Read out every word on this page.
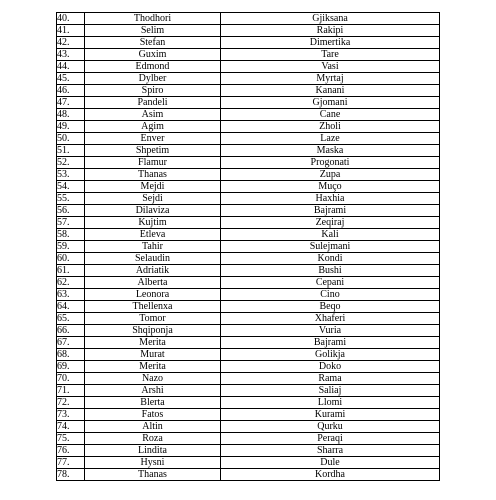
40.	Thodhori	Gjiksana
41.	Selim	Rakipi
42.	Stefan	Dimertika
43.	Guxim	Tare
44.	Edmond	Vasi
45.	Dylber	Myrtaj
46.	Spiro	Kanani
47.	Pandeli	Gjomani
48.	Asim	Cane
49.	Agim	Zholi
50.	Enver	Laze
51.	Shpetim	Maska
52.	Flamur	Progonati
53.	Thanas	Zupa
54.	Mejdi	Muço
55.	Sejdi	Haxhia
56.	Dilaviza	Bajrami
57.	Kujtim	Zeqiraj
58.	Etleva	Kali
59.	Tahir	Sulejmani
60.	Selaudin	Kondi
61.	Adriatik	Bushi
62.	Alberta	Cepani
63.	Leonora	Cino
64.	Thellenxa	Beqo
65.	Tomor	Xhaferi
66.	Shqiponja	Vuria
67.	Merita	Bajrami
68.	Murat	Golikja
69.	Merita	Doko
70.	Nazo	Rama
71.	Arshi	Saliaj
72.	Blerta	Llomi
73.	Fatos	Kurami
74.	Altin	Qurku
75.	Roza	Peraqi
76.	Lindita	Sharra
77.	Hysni	Dule
78.	Thanas	Kordha
